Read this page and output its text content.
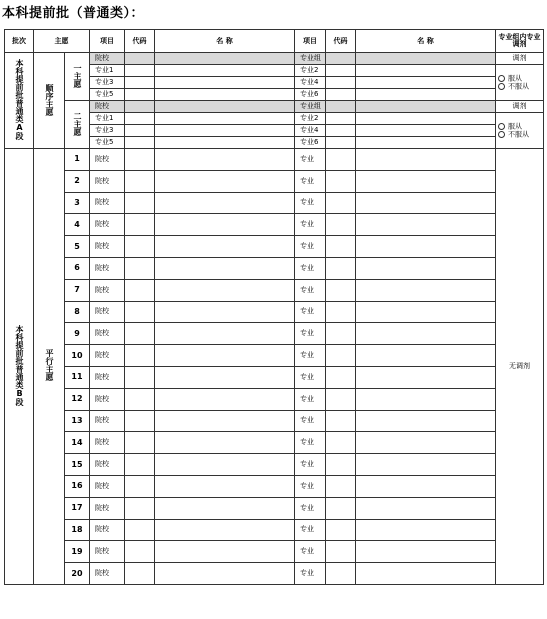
本科提前批（普通类）：
批次	主愿		项目	代码	名 称	项目	代码	名 称	专业组内专业调剂
本科提前批普通类A段	顺序主愿	一主愿	院校			专业组			调剂
			专业1			专业2			服从
不服从

			专业3			专业4			
			专业5			专业6			
		二主愿	院校			专业组			调剂
			专业1			专业2			服从
不服从

			专业3			专业4			
			专业5			专业6			
本科提前批普通类B段	平行主愿	1	院校			专业			无调剂
		2	院校			专业			
		3	院校			专业			
		4	院校			专业			
		5	院校			专业			
		6	院校			专业			
		7	院校			专业			
		8	院校			专业			
		9	院校			专业			
		10	院校			专业			
		11	院校			专业			
		12	院校			专业			
		13	院校			专业			
		14	院校			专业			
		15	院校			专业			
		16	院校			专业			
		17	院校			专业			
		18	院校			专业			
		19	院校			专业			
		20	院校			专业			
